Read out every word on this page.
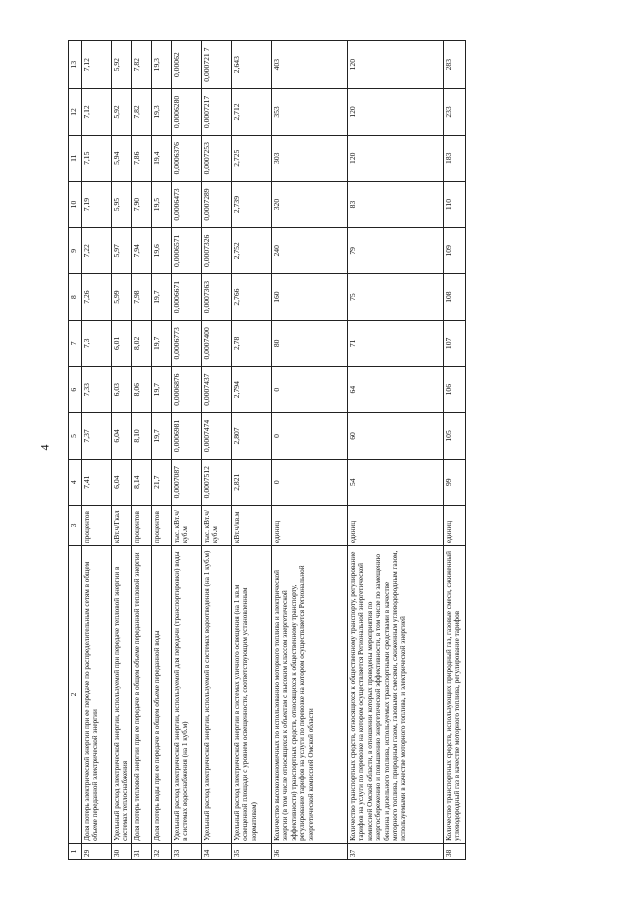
4
1	2	3	4	5	6	7	8	9	10	11	12	13
29	Доля потерь электрической энергии при ее передаче по распределительным сетям в общем объеме переданной электрической энергии	процентов	7,41	7,37	7,33	7,3	7,26	7,22	7,19	7,15	7,12	7,12
30	Удельный расход электрической энергии, используемой при передаче тепловой энергии в системах теплоснабжения	кВт.ч/Гкал	6,04	6,04	6,03	6,01	5,99	5,97	5,95	5,94	5,92	5,92
31	Доля потерь тепловой энергии при ее передаче в общем объеме переданной тепловой энергии	процентов	8,14	8,10	8,06	8,02	7,98	7,94	7,90	7,86	7,82	7,82
32	Доля потерь воды при ее передаче в общем объеме переданной воды	процентов	21,7	19,7	19,7	19,7	19,7	19,6	19,5	19,4	19,3	19,3
33	Удельный расход электрической энергии, используемой для передачи (транспортировки) воды в системах водоснабжения (на 1 куб.м)	тыс. кВт.ч/ куб.м	0,0007087	0,0006981	0,0006876	0,0006773	0,0006671	0,0006571	0,0006473	0,0006376	0,0006280	0,00062
34	Удельный расход электрической энергии, используемой в системах водоотведения (на 1 куб.м)	тыс. кВт.ч/ куб.м	0,0007512	0,0007474	0,0007437	0,0007400	0,0007363	0,0007326	0,0007289	0,0007253	0,0007217	0,000721 7
35	Удельный расход электрической энергии в системах уличного освещения (на 1 кв.м освещенной площади с уровнем освещенности, соответствующим установленным нормативам)	кВт.ч/кв.м	2,821	2,807	2,794	2,78	2,766	2,752	2,739	2,725	2,712	2,643
36	Количество высокоэкономичных по использованию моторного топлива и электрической энергии (в том числе относящихся к объектам с высоким классом энергетической эффективности) транспортных средств, относящихся к общественному транспорту, регулирование тарифов на услуги по перевозке на котором осуществляется Региональной энергетической комиссией Омской области	единиц	0	0	0	80	160	240	320	303	353	403
37	Количество транспортных средств, относящихся к общественному транспорту, регулирование тарифов на услуги по перевозке на котором осуществляется Региональной энергетической комиссией Омской области, в отношении которых проведены мероприятия по энергосбережению и повышению энергетической эффективности, в том числе по замещению бензина и дизельного топлива, используемых транспортными средствами в качестве моторного топлива, природным газом, газовыми смесями, сжиженным углеводородным газом, используемыми в качестве моторного топлива, и электрической энергией	единиц	54	60	64	71	75	79	83	120	120	120
38	Количество транспортных средств, использующих природный газ, газовые смеси, сжиженный углеводородный газ в качестве моторного топлива, регулирование тарифов	единиц	99	105	106	107	108	109	110	183	233	283
